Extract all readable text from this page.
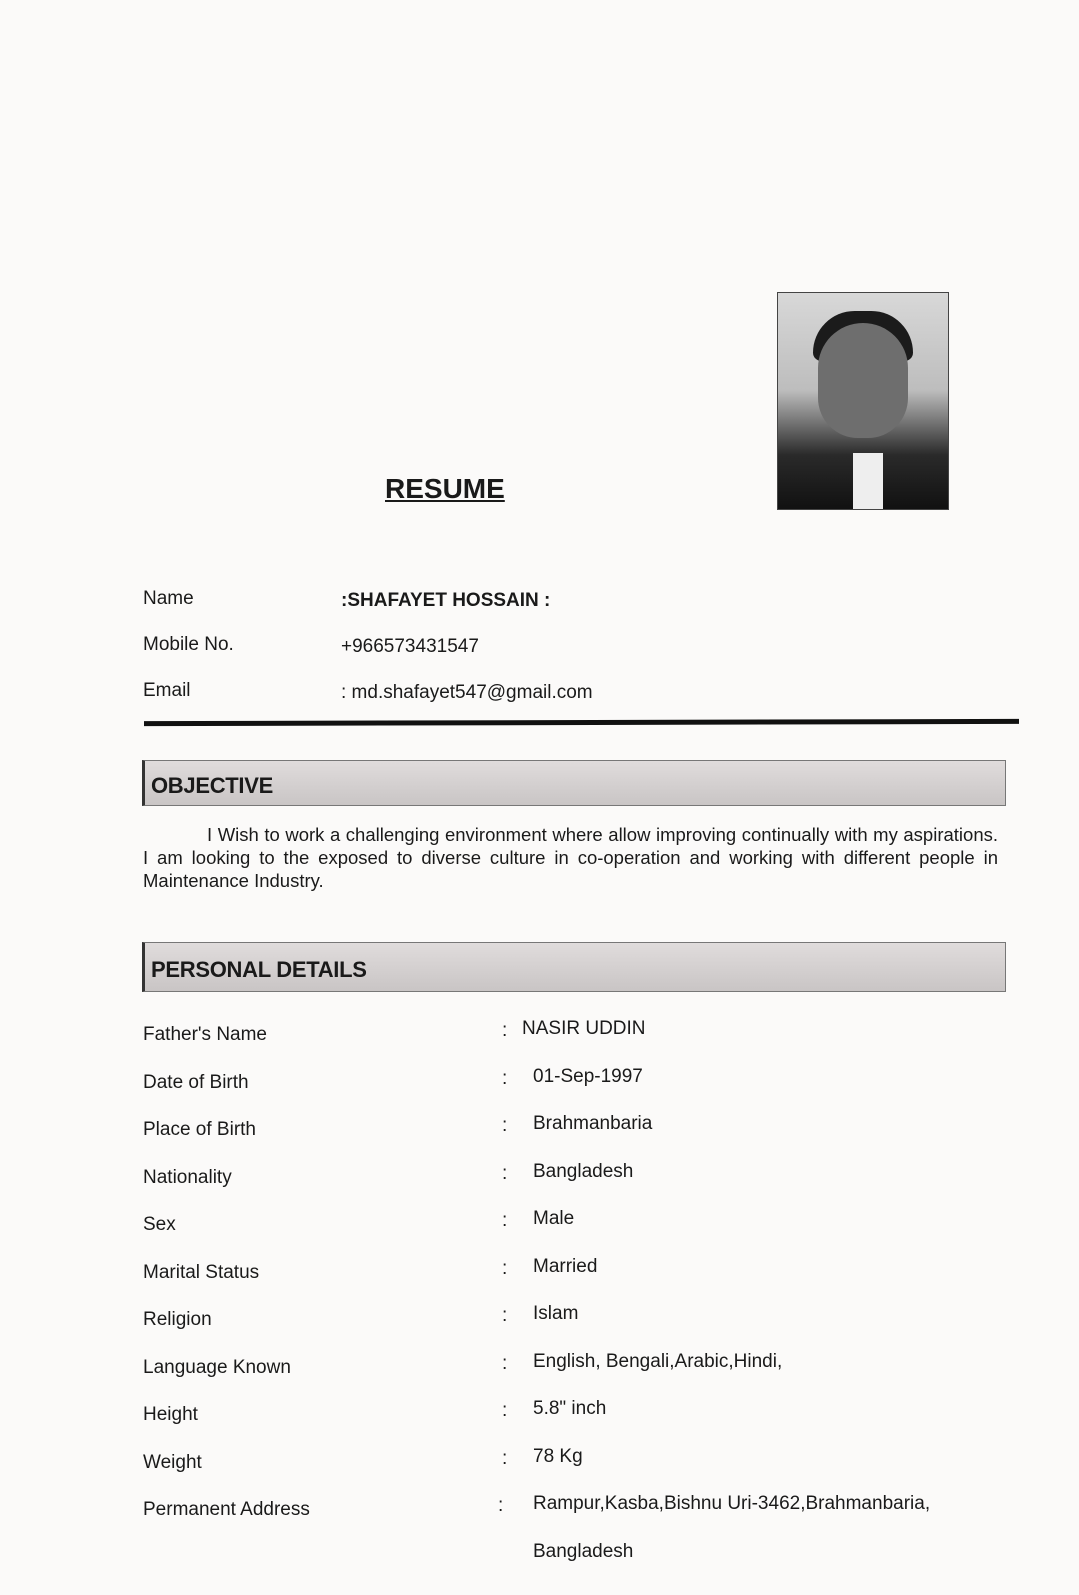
RESUME
Name	:SHAFAYET HOSSAIN :
Mobile No.	+966573431547
Email	: md.shafayet547@gmail.com
OBJECTIVE
I Wish to work a challenging environment where allow improving continually with my aspirations. I am looking to the exposed to diverse culture in co-operation and working with different people in Maintenance Industry.
PERSONAL DETAILS
Father's Name	: NASIR UDDIN
Date of Birth	: 01-Sep-1997
Place of Birth	: Brahmanbaria
Nationality	: Bangladesh
Sex	: Male
Marital Status	: Married
Religion	: Islam
Language Known	: English, Bengali,Arabic,Hindi,
Height	: 5.8" inch
Weight	: 78 Kg
Permanent Address	: Rampur,Kasba,Bishnu Uri-3462,Brahmanbaria,
Bangladesh
